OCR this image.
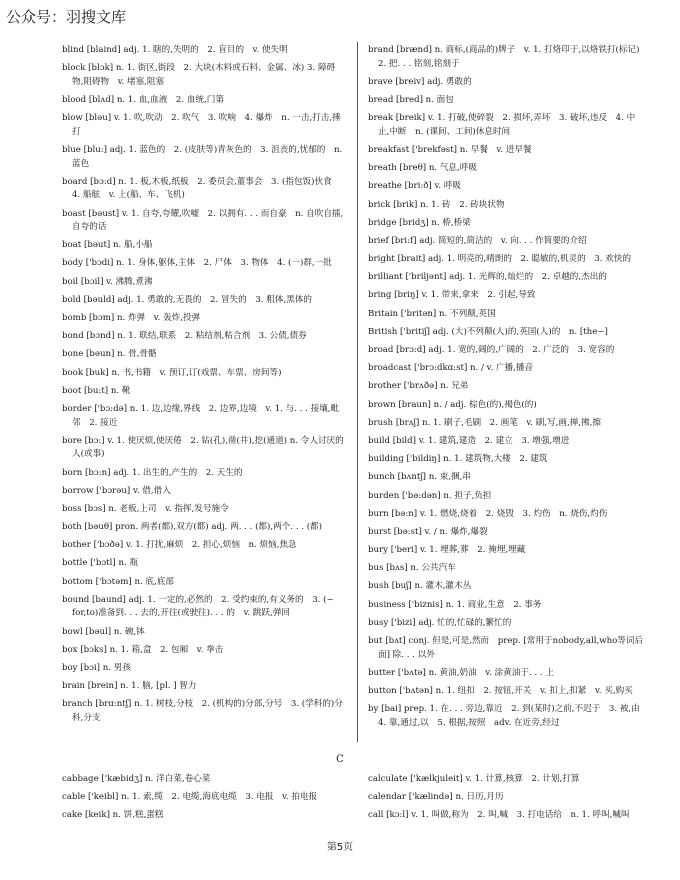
公众号：羽搜文库
blind [blaind] adj. 1. 瞎的,失明的　2. 盲目的　v. 使失明
block [blɔk] n. 1. 街区,街段　2. 大块(木料或石料、金属、冰) 3. 障碍物,阻碍物　v. 堵塞,阻塞
blood [blʌd] n. 1. 血,血液　2. 血统,门第
blow [bləu] v. 1. 吹,吹动　2. 吹气　3. 吹响　4. 爆炸　n. 一击,打击,捶打
blue [blu:] adj. 1. 蓝色的　2. (皮肤等)青灰色的　3. 沮丧的,忧郁的　n. 蓝色
board [bɔ:d] n. 1. 板,木板,纸板　2. 委员会,董事会　3. (指包饭)伙食　4. 船舷　v. 上(船、车、飞机)
boast [bəust] v. 1. 自夸,夸耀,吹嘘　2. 以拥有. . . 而自豪　n. 自吹自擂,自夸的话
boat [bəut] n. 船,小船
body ['bɔdi] n. 1. 身体,躯体,主体　2. 尸体　3. 物体　4. (一)群,一批
boil [bɔil] v. 沸腾,煮沸
bold [bəuld] adj. 1. 勇敢的,无畏的　2. 冒失的　3. 粗体,黑体的
bomb [bɔm] n. 炸弹　v. 轰炸,投弹
bond [bɔnd] n. 1. 联结,联系　2. 粘结剂,粘合剂　3. 公债,债券
bone [bəun] n. 骨,骨骼
book [buk] n. 书,书籍　v. 预订,订(戏票、车票、房间等)
boot [bu:t] n. 靴
border ['bɔ:də] n. 1. 边,边缘,界线　2. 边界,边境　v. 1. 与. . . 接壤,毗邻　2. 接近
bore [bɔ:] v. 1. 使厌烦,使厌倦　2. 钻(孔),凿(井),挖(通道) n. 令人讨厌的人(或事)
born [bɔ:n] adj. 1. 出生的,产生的　2. 天生的
borrow ['bɔrəu] v. 借,借入
boss [bɔs] n. 老板,上司　v. 指挥,发号施令
both [bəuθ] pron. 两者(都),双方(都) adj. 两. . . (都),两个. . . (都)
bother ['bɔðə] v. 1. 打扰,麻烦　2. 担心,烦恼　n. 烦恼,焦急
bottle ['bɔtl] n. 瓶
bottom ['bɔtəm] n. 底,底部
bound [baund] adj. 1. 一定的,必然的　2. 受约束的,有义务的　3. (~ for,to)准备到. . . 去的,开往(或驶往). . . 的　v. 跳跃,弹回
bowl [bəul] n. 碗,钵
box [bɔks] n. 1. 箱,盒　2. 包厢　v. 拳击
boy [bɔi] n. 男孩
brain [brein] n. 1. 脑, [pl. ] 智力
branch [brɑ:ntʃ] n. 1. 树枝,分枝　2. (机构的)分部,分号　3. (学科的)分科,分支
brand [brænd] n. 商标,(商品的)牌子　v. 1. 打烙印于,以烙铁打(标记) 2. 把. . . 铭刻,铭刻于
brave [breiv] adj. 勇敢的
bread [bred] n. 面包
break [breik] v. 1. 打破,使碎裂　2. 损坏,弄坏　3. 破坏,违反　4. 中止,中断　n. (课间、工间)休息时间
breakfast ['brekfəst] n. 早餐　v. 进早餐
breath [breθ] n. 气息,呼吸
breathe [bri:ð] v. 呼吸
brick [brik] n. 1. 砖　2. 砖块状物
bridge [bridʒ] n. 桥,桥梁
brief [bri:f] adj. 简短的,简洁的　v. 向. . . 作简要的介绍
bright [brait] adj. 1. 明亮的,晴朗的　2. 聪敏的,机灵的　3. 欢快的
brilliant ['briljənt] adj. 1. 光辉的,灿烂的　2. 卓越的,杰出的
bring [briŋ] v. 1. 带来,拿来　2. 引起,导致
Britain ['britən] n. 不列颠,英国
British ['britiʃ] adj. (大)不列颠(人)的,英国(人)的　n. [the~]
broad [brɔ:d] adj. 1. 宽的,阔的,广阔的　2. 广泛的　3. 宽容的
broadcast ['brɔ:dkɑ:st] n. / v. 广播,播音
brother ['brʌðə] n. 兄弟
brown [braun] n. / adj. 棕色(的),褐色(的)
brush [brʌʃ] n. 1. 刷子,毛刷　2. 画笔　v. 刷,写,画,掸,拂,擦
build [bild] v. 1. 建筑,建造　2. 建立　3. 增强,增进
building ['bildiŋ] n. 1. 建筑物,大楼　2. 建筑
bunch [bʌntʃ] n. 束,捆,串
burden ['bə:dən] n. 担子,负担
burn [bə:n] v. 1. 燃烧,烧着　2. 烧毁　3. 灼伤　n. 烧伤,灼伤
burst [bə:st] v. / n. 爆炸,爆裂
bury ['beri] v. 1. 埋葬,葬　2. 掩埋,埋藏
bus [bʌs] n. 公共汽车
bush [buʃ] n. 灌木,灌木丛
business ['biznis] n. 1. 商业,生意　2. 事务
busy ['bizi] adj. 忙的,忙碌的,繁忙的
but [bʌt] conj. 但是,可是,然而　prep. [常用于nobody,all,who等词后面] 除. . . 以外
butter ['bʌtə] n. 黄油,奶油　v. 涂黄油于. . . 上
button ['bʌtən] n. 1. 纽扣　2. 按钮,开关　v. 扣上,扣紧　v. 买,购买
by [bai] prep. 1. 在. . . 旁边,靠近　2. 到(某时)之前,不迟于　3. 被,由　4. 靠,通过,以　5. 根据,按照　adv. 在近旁,经过
C
cabbage ['kæbidʒ] n. 洋白菜,卷心菜
cable ['keibl] n. 1. 索,缆　2. 电缆,海底电缆　3. 电报　v. 拍电报
cake [keik] n. 饼,糕,蛋糕
calculate ['kælkjuleit] v. 1. 计算,核算　2. 计划,打算
calendar ['kælində] n. 日历,月历
call [kɔ:l] v. 1. 叫做,称为　2. 叫,喊　3. 打电话给　n. 1. 呼叫,喊叫
第5页
